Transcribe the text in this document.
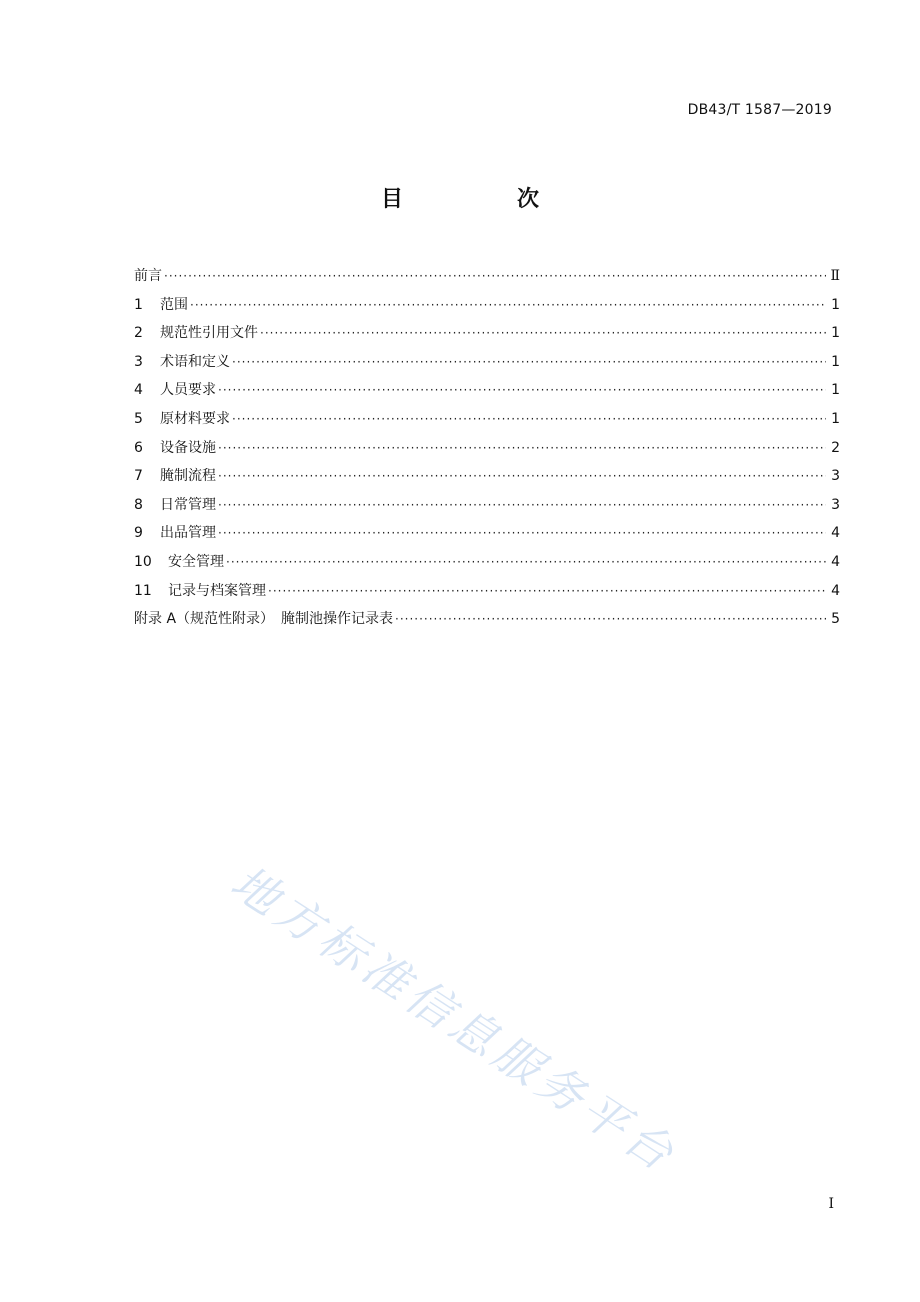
DB43/T 1587—2019
目　次
前言 ·····	Ⅱ
1	范围 ·····	1
2	规范性引用文件 ·····	1
3	术语和定义 ·····	1
4	人员要求 ·····	1
5	原材料要求 ·····	1
6	设备设施 ·····	2
7	腌制流程 ·····	3
8	日常管理 ·····	3
9	出品管理 ·····	4
10	安全管理 ·····	4
11	记录与档案管理 ·····	4
附录 A（规范性附录）　腌制池操作记录表 ·····	5
地方标准信息服务平台
I
